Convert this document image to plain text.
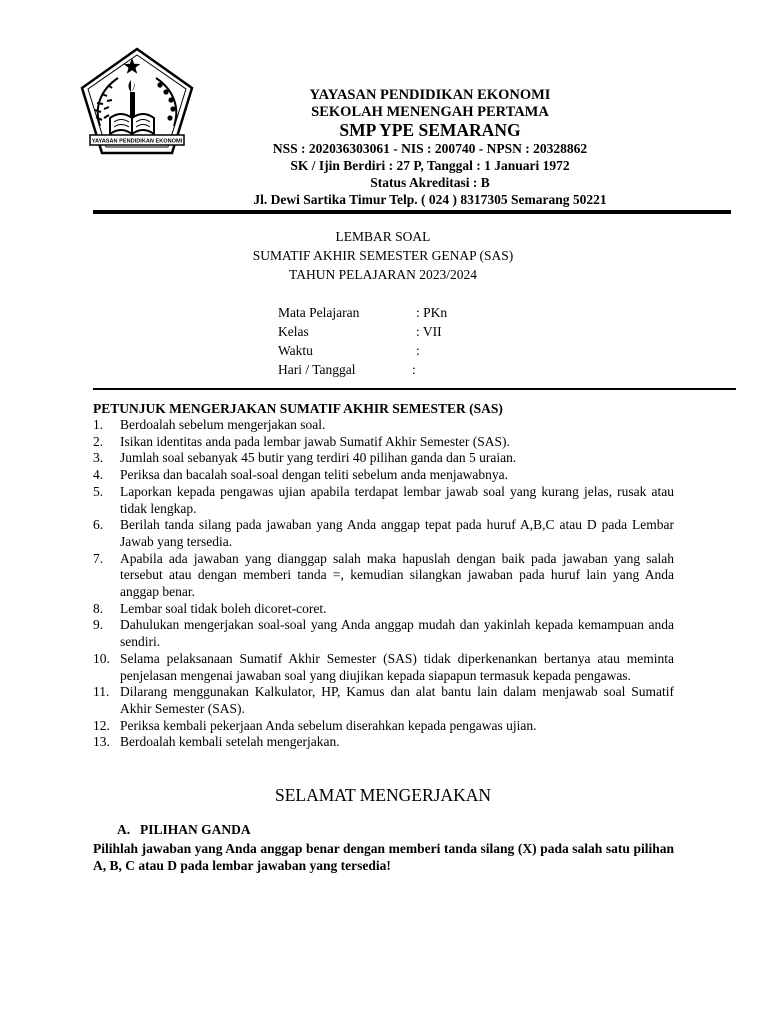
YAYASAN PENDIDIKAN EKONOMI
YAYASAN PENDIDIKAN EKONOMI
SEKOLAH MENENGAH PERTAMA
SMP YPE SEMARANG
NSS : 202036303061 - NIS : 200740 - NPSN : 20328862
SK / Ijin Berdiri : 27 P, Tanggal : 1 Januari 1972
Status Akreditasi : B
Jl. Dewi Sartika Timur Telp. ( 024 ) 8317305 Semarang 50221
LEMBAR SOAL
SUMATIF AKHIR SEMESTER GENAP (SAS)
TAHUN PELAJARAN 2023/2024
Mata Pelajaran	: PKn
Kelas	: VII
Waktu	:
Hari / Tanggal	:
PETUNJUK MENGERJAKAN SUMATIF AKHIR SEMESTER (SAS)
1. Berdoalah sebelum mengerjakan soal.
2. Isikan identitas anda pada lembar jawab Sumatif Akhir Semester (SAS).
3. Jumlah soal sebanyak 45 butir yang terdiri 40 pilihan ganda dan 5 uraian.
4. Periksa dan bacalah soal-soal dengan teliti sebelum anda menjawabnya.
5. Laporkan kepada pengawas ujian apabila terdapat lembar jawab soal yang kurang jelas, rusak atau tidak lengkap.
6. Berilah tanda silang pada jawaban yang Anda anggap tepat pada huruf A,B,C atau D pada Lembar Jawab yang tersedia.
7. Apabila ada jawaban yang dianggap salah maka hapuslah dengan baik pada jawaban yang salah tersebut atau dengan memberi tanda =, kemudian silangkan jawaban pada huruf lain yang Anda anggap benar.
8. Lembar soal tidak boleh dicoret-coret.
9. Dahulukan mengerjakan soal-soal yang Anda anggap mudah dan yakinlah kepada kemampuan anda sendiri.
10. Selama pelaksanaan Sumatif Akhir Semester (SAS) tidak diperkenankan bertanya atau meminta penjelasan mengenai jawaban soal yang diujikan kepada siapapun termasuk kepada pengawas.
11. Dilarang menggunakan Kalkulator, HP, Kamus dan alat bantu lain dalam menjawab soal Sumatif Akhir Semester (SAS).
12. Periksa kembali pekerjaan Anda sebelum diserahkan kepada pengawas ujian.
13. Berdoalah kembali setelah mengerjakan.
SELAMAT MENGERJAKAN
A. PILIHAN GANDA
Pilihlah jawaban yang Anda anggap benar dengan memberi tanda silang (X) pada salah satu pilihan A, B, C atau D pada lembar jawaban yang tersedia!
